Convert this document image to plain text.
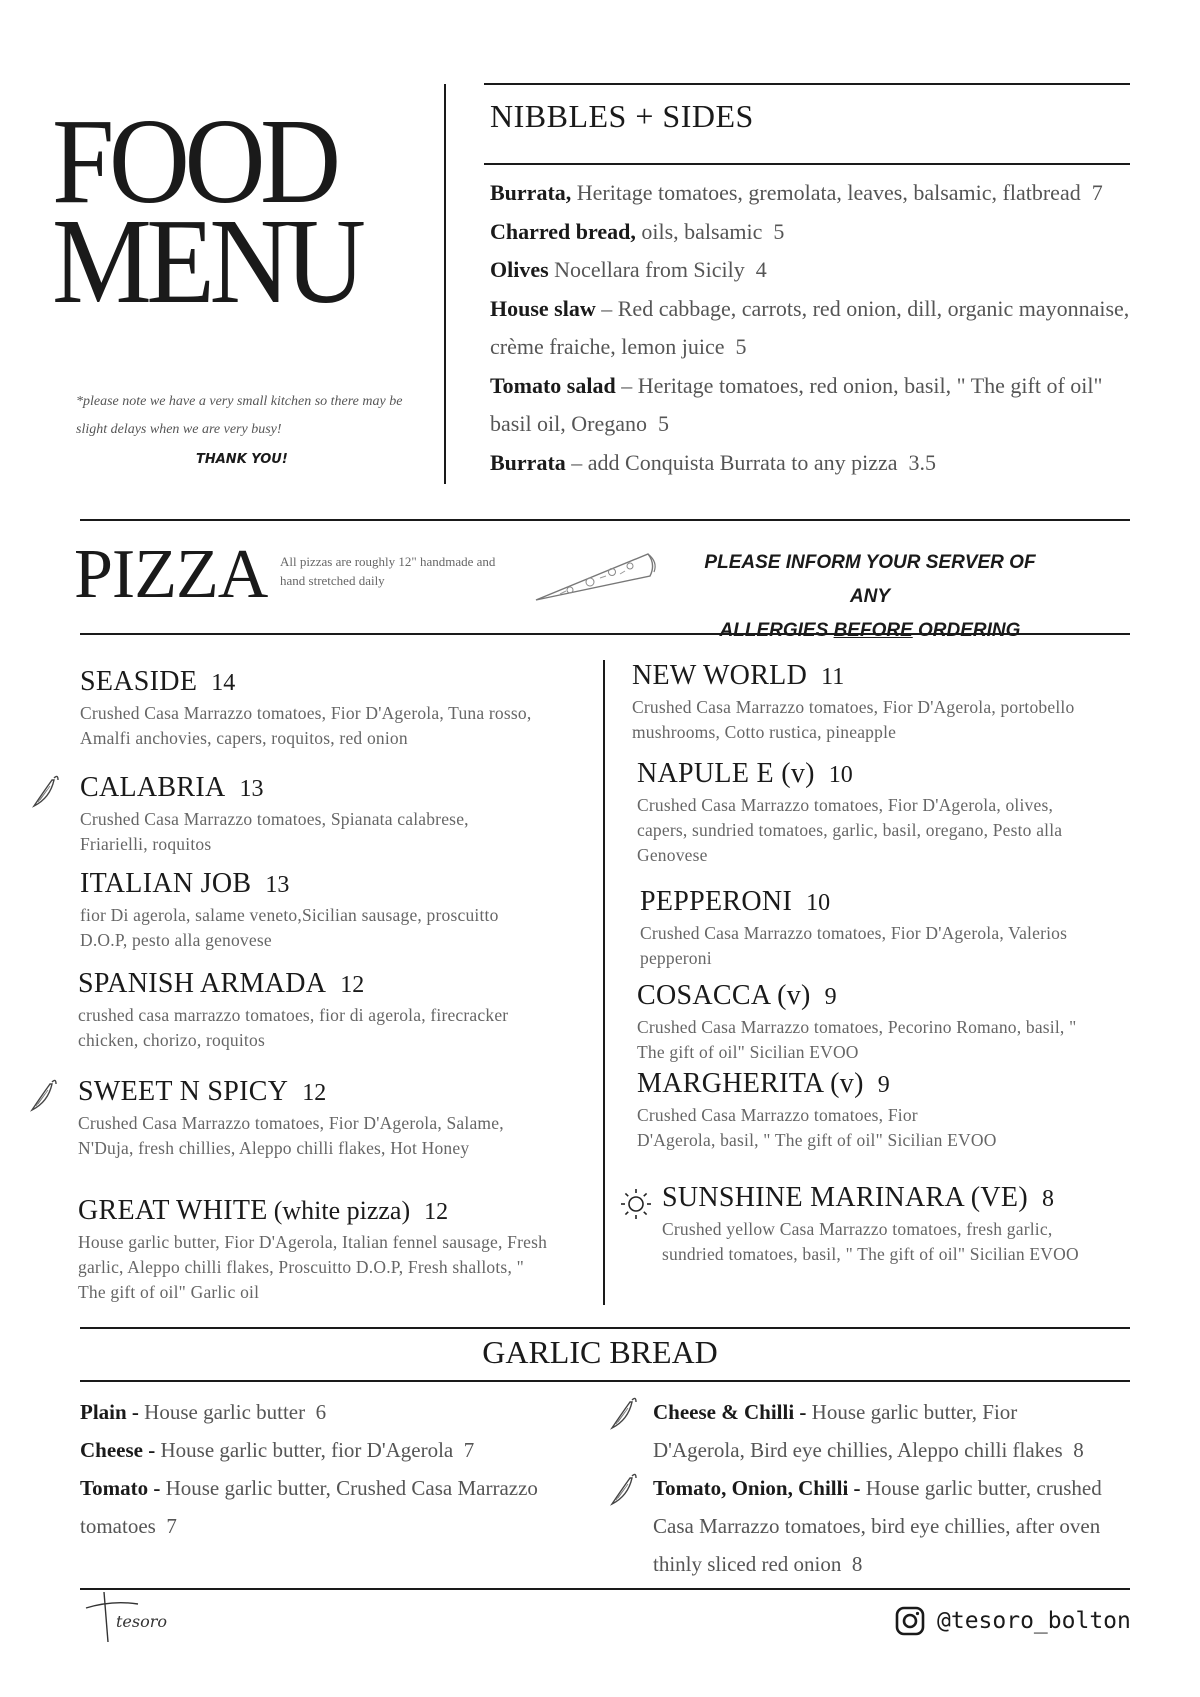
FOOD
MENU
*please note we have a very small kitchen so there may be slight delays when we are very busy!
THANK YOU!
NIBBLES + SIDES
Burrata, Heritage tomatoes, gremolata, leaves, balsamic, flatbread 7
Charred bread, oils, balsamic 5
Olives Nocellara from Sicily 4
House slaw – Red cabbage, carrots, red onion, dill, organic mayonnaise, crème fraiche, lemon juice 5
Tomato salad – Heritage tomatoes, red onion, basil, " The gift of oil" basil oil, Oregano 5
Burrata – add Conquista Burrata to any pizza 3.5
PIZZA All pizzas are roughly 12" handmade and hand stretched daily
PLEASE INFORM YOUR SERVER OF ANY
ALLERGIES BEFORE ORDERING
SEASIDE 14
Crushed Casa Marrazzo tomatoes, Fior D'Agerola, Tuna rosso, Amalfi anchovies, capers, roquitos, red onion
CALABRIA 13
Crushed Casa Marrazzo tomatoes, Spianata calabrese, Friarielli, roquitos
ITALIAN JOB 13
fior Di agerola, salame veneto,Sicilian sausage, proscuitto D.O.P, pesto alla genovese
SPANISH ARMADA 12
crushed casa marrazzo tomatoes, fior di agerola, firecracker chicken, chorizo, roquitos
SWEET N SPICY 12
Crushed Casa Marrazzo tomatoes, Fior D'Agerola, Salame, N'Duja, fresh chillies, Aleppo chilli flakes, Hot Honey
GREAT WHITE (white pizza) 12
House garlic butter, Fior D'Agerola, Italian fennel sausage, Fresh garlic, Aleppo chilli flakes, Proscuitto D.O.P, Fresh shallots, " The gift of oil" Garlic oil
NEW WORLD 11
Crushed Casa Marrazzo tomatoes, Fior D'Agerola, portobello mushrooms, Cotto rustica, pineapple
NAPULE E (v) 10
Crushed Casa Marrazzo tomatoes, Fior D'Agerola, olives, capers, sundried tomatoes, garlic, basil, oregano, Pesto alla Genovese
PEPPERONI 10
Crushed Casa Marrazzo tomatoes, Fior D'Agerola, Valerios pepperoni
COSACCA (v) 9
Crushed Casa Marrazzo tomatoes, Pecorino Romano, basil, " The gift of oil" Sicilian EVOO
MARGHERITA (v) 9
Crushed Casa Marrazzo tomatoes, Fior D'Agerola, basil, " The gift of oil" Sicilian EVOO
SUNSHINE MARINARA (VE) 8
Crushed yellow Casa Marrazzo tomatoes, fresh garlic, sundried tomatoes, basil, " The gift of oil" Sicilian EVOO
GARLIC BREAD
Plain - House garlic butter 6
Cheese - House garlic butter, fior D'Agerola 7
Tomato - House garlic butter, Crushed Casa Marrazzo tomatoes 7
Cheese & Chilli - House garlic butter, Fior D'Agerola, Bird eye chillies, Aleppo chilli flakes 8
Tomato, Onion, Chilli - House garlic butter, crushed Casa Marrazzo tomatoes, bird eye chillies, after oven thinly sliced red onion 8
$_{tesoro}$	@tesoro_bolton
